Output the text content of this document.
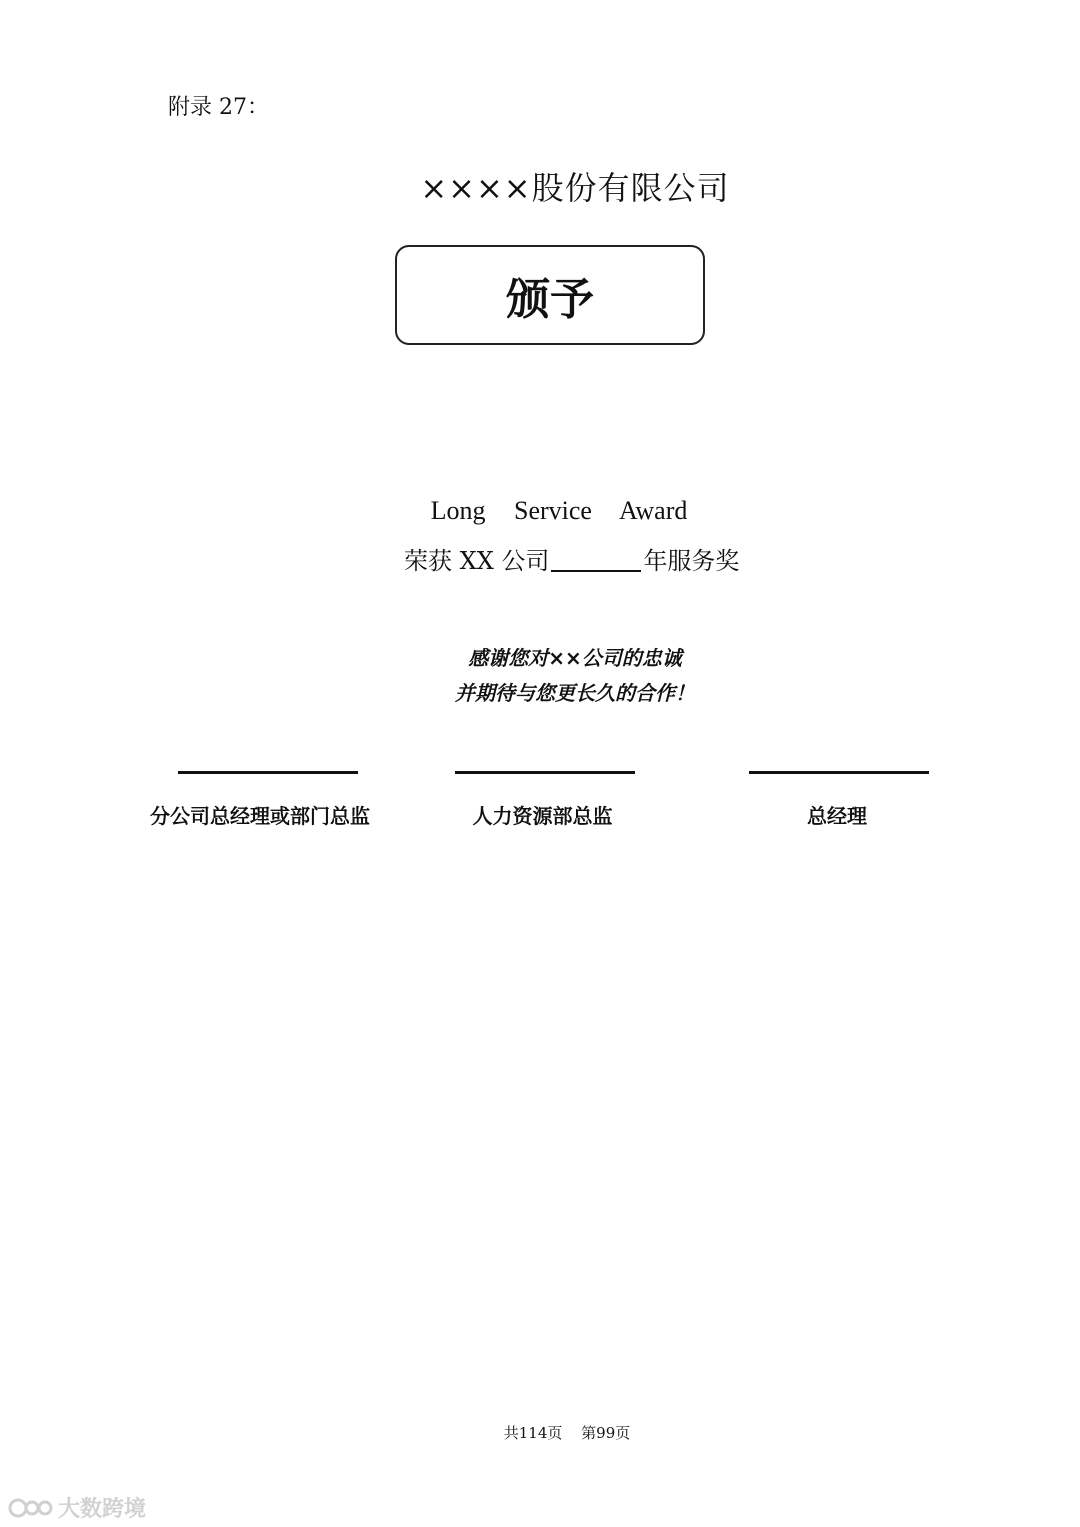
附录 27：
××××股份有限公司
颁予
Long Service Award
荣获 XX 公司	年服务奖
感谢您对××公司的忠诚
并期待与您更长久的合作！
分公司总经理或部门总监	人力资源部总监	总经理
共114页 第99页
大数跨境
